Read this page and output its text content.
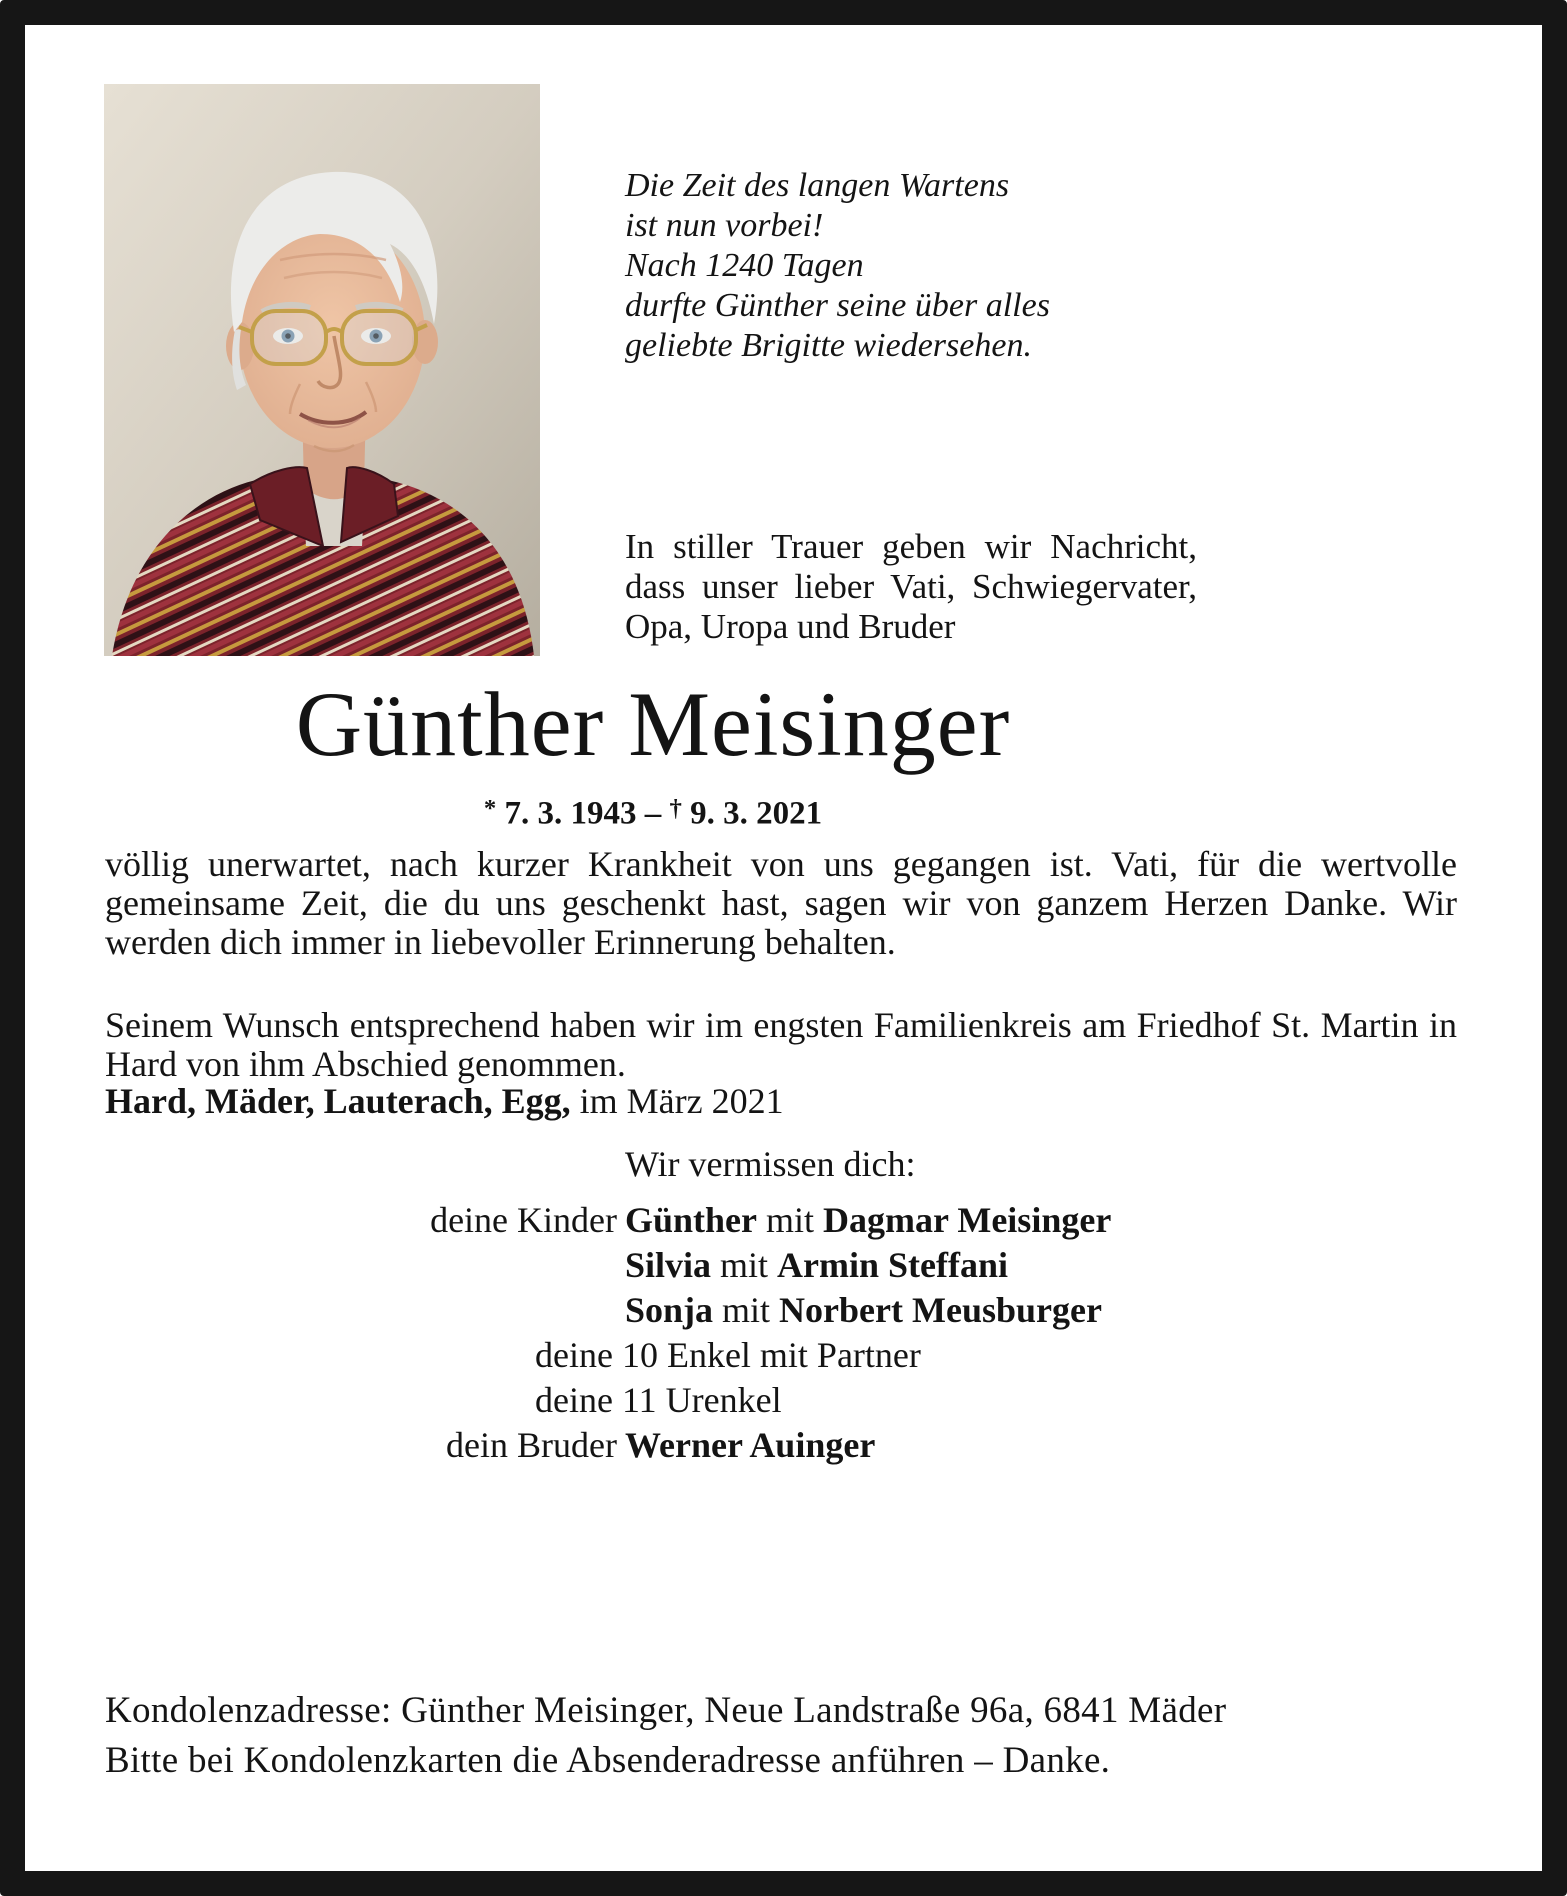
Die Zeit des langen Wartens
ist nun vorbei!
Nach 1240 Tagen
durfte Günther seine über alles
geliebte Brigitte wiedersehen.

In stiller Trauer geben wir Nachricht, dass unser lieber Vati, Schwiegervater, Opa, Uropa und Bruder

Günther Meisinger
* 7. 3. 1943 – † 9. 3. 2021

völlig unerwartet, nach kurzer Krankheit von uns gegangen ist. Vati, für die wertvolle gemeinsame Zeit, die du uns geschenkt hast, sagen wir von ganzem Herzen Danke. Wir werden dich immer in liebevoller Erinnerung behalten.

Seinem Wunsch entsprechend haben wir im engsten Familienkreis am Friedhof St. Martin in Hard von ihm Abschied genommen.

Hard, Mäder, Lauterach, Egg, im März 2021
Wir vermissen dich:
deine Kinder Günther mit Dagmar Meisinger
Silvia mit Armin Steffani
Sonja mit Norbert Meusburger
deine 10 Enkel mit Partner
deine 11 Urenkel
dein Bruder Werner Auinger
Kondolenzadresse: Günther Meisinger, Neue Landstraße 96a, 6841 Mäder
Bitte bei Kondolenzkarten die Absenderadresse anführen – Danke.
